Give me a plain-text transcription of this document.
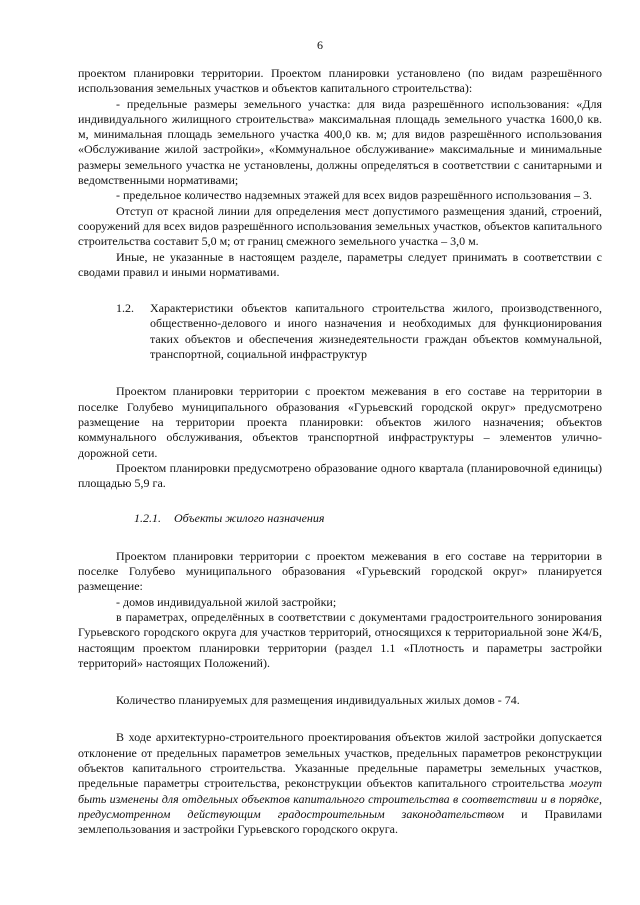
6

проектом планировки территории. Проектом планировки установлено (по видам разрешённого использования земельных участков и объектов капитального строительства):

- предельные размеры земельного участка: для вида разрешённого использования: «Для индивидуального жилищного строительства» максимальная площадь земельного участка 1600,0 кв. м, минимальная площадь земельного участка 400,0 кв. м; для видов разрешённого использования «Обслуживание жилой застройки», «Коммунальное обслуживание» максимальные и минимальные размеры земельного участка не установлены, должны определяться в соответствии с санитарными и ведомственными нормативами;

- предельное количество надземных этажей для всех видов разрешённого использования – 3.

Отступ от красной линии для определения мест допустимого размещения зданий, строений, сооружений для всех видов разрешённого использования земельных участков, объектов капитального строительства составит 5,0 м; от границ смежного земельного участка – 3,0 м.

Иные, не указанные в настоящем разделе, параметры следует принимать в соответствии с сводами правил и иными нормативами.

1.2.	Характеристики объектов капитального строительства жилого, производственного, общественно-делового и иного назначения и необходимых для функционирования таких объектов и обеспечения жизнедеятельности граждан объектов коммунальной, транспортной, социальной инфраструктур

Проектом планировки территории с проектом межевания в его составе на территории в поселке Голубево муниципального образования «Гурьевский городской округ» предусмотрено размещение на территории проекта планировки: объектов жилого назначения; объектов коммунального обслуживания, объектов транспортной инфраструктуры – элементов улично-дорожной сети.

Проектом планировки предусмотрено образование одного квартала (планировочной единицы) площадью 5,9 га.

1.2.1. Объекты жилого назначения

Проектом планировки территории с проектом межевания в его составе на территории в поселке Голубево муниципального образования «Гурьевский городской округ» планируется размещение:

- домов индивидуальной жилой застройки;

в параметрах, определённых в соответствии с документами градостроительного зонирования Гурьевского городского округа для участков территорий, относящихся к территориальной зоне Ж4/Б, настоящим проектом планировки территории (раздел 1.1 «Плотность и параметры застройки территорий» настоящих Положений).

Количество планируемых для размещения индивидуальных жилых домов - 74.

В ходе архитектурно-строительного проектирования объектов жилой застройки допускается отклонение от предельных параметров земельных участков, предельных параметров реконструкции объектов капитального строительства. Указанные предельные параметры земельных участков, предельные параметры строительства, реконструкции объектов капитального строительства могут быть изменены для отдельных объектов капитального строительства в соответствии и в порядке, предусмотренном действующим градостроительным законодательством и Правилами землепользования и застройки Гурьевского городского округа.
